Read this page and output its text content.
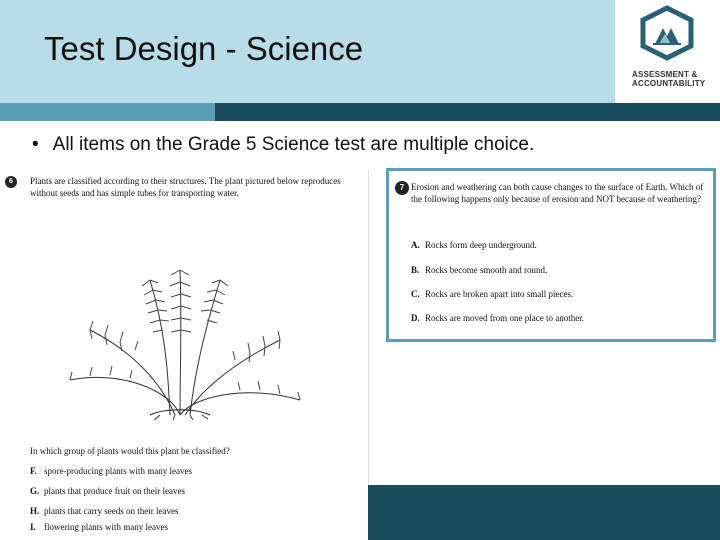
Test Design - Science
ASSESSMENT &
ACCOUNTABILITY
• All items on the Grade 5 Science test are multiple choice.
6	Plants are classified according to their structures. The plant pictured below reproduces without seeds and has simple tubes for transporting water.
In which group of plants would this plant be classified?
F. spore-producing plants with many leaves
G. plants that produce fruit on their leaves
H. plants that carry seeds on their leaves
I. flowering plants with many leaves
7 Erosion and weathering can both cause changes to the surface of Earth. Which of the following happens only because of erosion and NOT because of weathering?
A. Rocks form deep underground.
B. Rocks become smooth and round.
C. Rocks are broken apart into small pieces.
D. Rocks are moved from one place to another.
